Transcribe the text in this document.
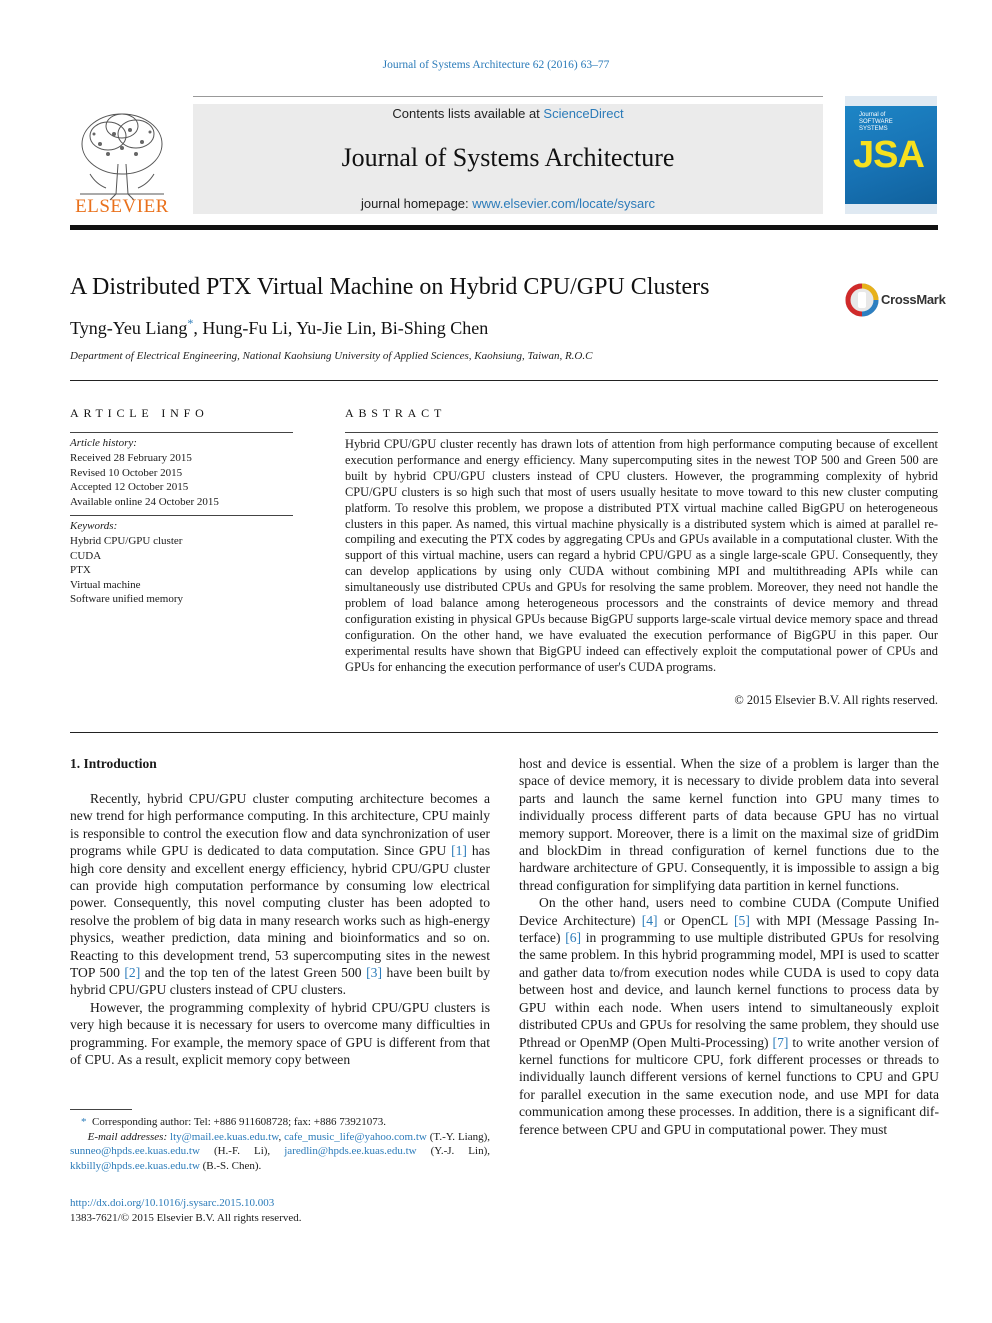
Journal of Systems Architecture 62 (2016) 63–77
ELSEVIER
Contents lists available at ScienceDirect
Journal of Systems Architecture
journal homepage: www.elsevier.com/locate/sysarc
Journal of
SOFTWARE
SYSTEMS
JSA
A Distributed PTX Virtual Machine on Hybrid CPU/GPU Clusters
Tyng-Yeu Liang*, Hung-Fu Li, Yu-Jie Lin, Bi-Shing Chen
Department of Electrical Engineering, National Kaohsiung University of Applied Sciences, Kaohsiung, Taiwan, R.O.C
CrossMark
ARTICLE INFO
Article history:
Received 28 February 2015
Revised 10 October 2015
Accepted 12 October 2015
Available online 24 October 2015
Keywords:
Hybrid CPU/GPU cluster
CUDA
PTX
Virtual machine
Software unified memory
ABSTRACT
Hybrid CPU/GPU cluster recently has drawn lots of attention from high performance computing because of excellent execution performance and energy efficiency. Many supercomputing sites in the newest TOP 500 and Green 500 are built by hybrid CPU/GPU clusters instead of CPU clusters. However, the programming complexity of hybrid CPU/GPU clusters is so high such that most of users usually hesitate to move toward to this new cluster computing platform. To resolve this problem, we propose a distributed PTX virtual machine called BigGPU on heterogeneous clusters in this paper. As named, this virtual machine physically is a distributed system which is aimed at parallel re-compiling and executing the PTX codes by aggregating CPUs and GPUs available in a computational cluster. With the support of this virtual machine, users can regard a hybrid CPU/GPU as a single large-scale GPU. Consequently, they can develop applications by using only CUDA without combining MPI and multithreading APIs while can simultaneously use distributed CPUs and GPUs for resolving the same problem. Moreover, they need not handle the problem of load balance among heterogeneous processors and the constraints of device memory and thread configuration existing in physical GPUs because BigGPU supports large-scale virtual device memory space and thread configuration. On the other hand, we have evaluated the execution performance of BigGPU in this paper. Our experimental results have shown that BigGPU indeed can effectively exploit the computational power of CPUs and GPUs for enhancing the execution performance of user's CUDA programs.
© 2015 Elsevier B.V. All rights reserved.
1. Introduction

Recently, hybrid CPU/GPU cluster computing architecture becomes a new trend for high performance computing. In this architecture, CPU mainly is responsible to control the execution flow and data synchronization of user programs while GPU is dedicated to data computation. Since GPU [1] has high core density and excellent energy efficiency, hybrid CPU/GPU cluster can provide high computation performance by consuming low electrical power. Consequently, this novel computing cluster has been adopted to resolve the problem of big data in many research works such as high-energy physics, weather prediction, data mining and bioinformatics and so on. Reacting to this development trend, 53 supercomputing sites in the newest TOP 500 [2] and the top ten of the latest Green 500 [3] have been built by hybrid CPU/GPU clusters instead of CPU clusters.

However, the programming complexity of hybrid CPU/GPU clusters is very high because it is necessary for users to overcome many difficulties in programming. For example, the memory space of GPU is different from that of CPU. As a result, explicit memory copy between

host and device is essential. When the size of a problem is larger than the space of device memory, it is necessary to divide problem data into several parts and launch the same kernel function into GPU many times to individually process different parts of data because GPU has no virtual memory support. Moreover, there is a limit on the maximal size of gridDim and blockDim in thread configuration of kernel functions due to the hardware architecture of GPU. Consequently, it is impossible to assign a big thread configuration for simplifying data partition in kernel functions.

On the other hand, users need to combine CUDA (Compute Unified Device Architecture) [4] or OpenCL [5] with MPI (Message Passing Interface) [6] in programming to use multiple distributed GPUs for resolving the same problem. In this hybrid programming model, MPI is used to scatter and gather data to/from execution nodes while CUDA is used to copy data between host and device, and launch kernel functions to process data by GPU within each node. When users intend to simultaneously exploit distributed CPUs and GPUs for resolving the same problem, they should use Pthread or OpenMP (Open Multi-Processing) [7] to write another version of kernel functions for multicore CPU, fork different processes or threads to individually launch different versions of kernel functions to CPU and GPU for parallel execution in the same execution node, and use MPI for data communication among these processes. In addition, there is a significant difference between CPU and GPU in computational power. They must

* Corresponding author: Tel: +886 911608728; fax: +886 73921073.

E-mail addresses: lty@mail.ee.kuas.edu.tw, cafe_music_life@yahoo.com.tw (T.-Y. Liang), sunneo@hpds.ee.kuas.edu.tw (H.-F. Li), jaredlin@hpds.ee.kuas.edu.tw (Y.-J. Lin), kkbilly@hpds.ee.kuas.edu.tw (B.-S. Chen).

http://dx.doi.org/10.1016/j.sysarc.2015.10.003
1383-7621/© 2015 Elsevier B.V. All rights reserved.
